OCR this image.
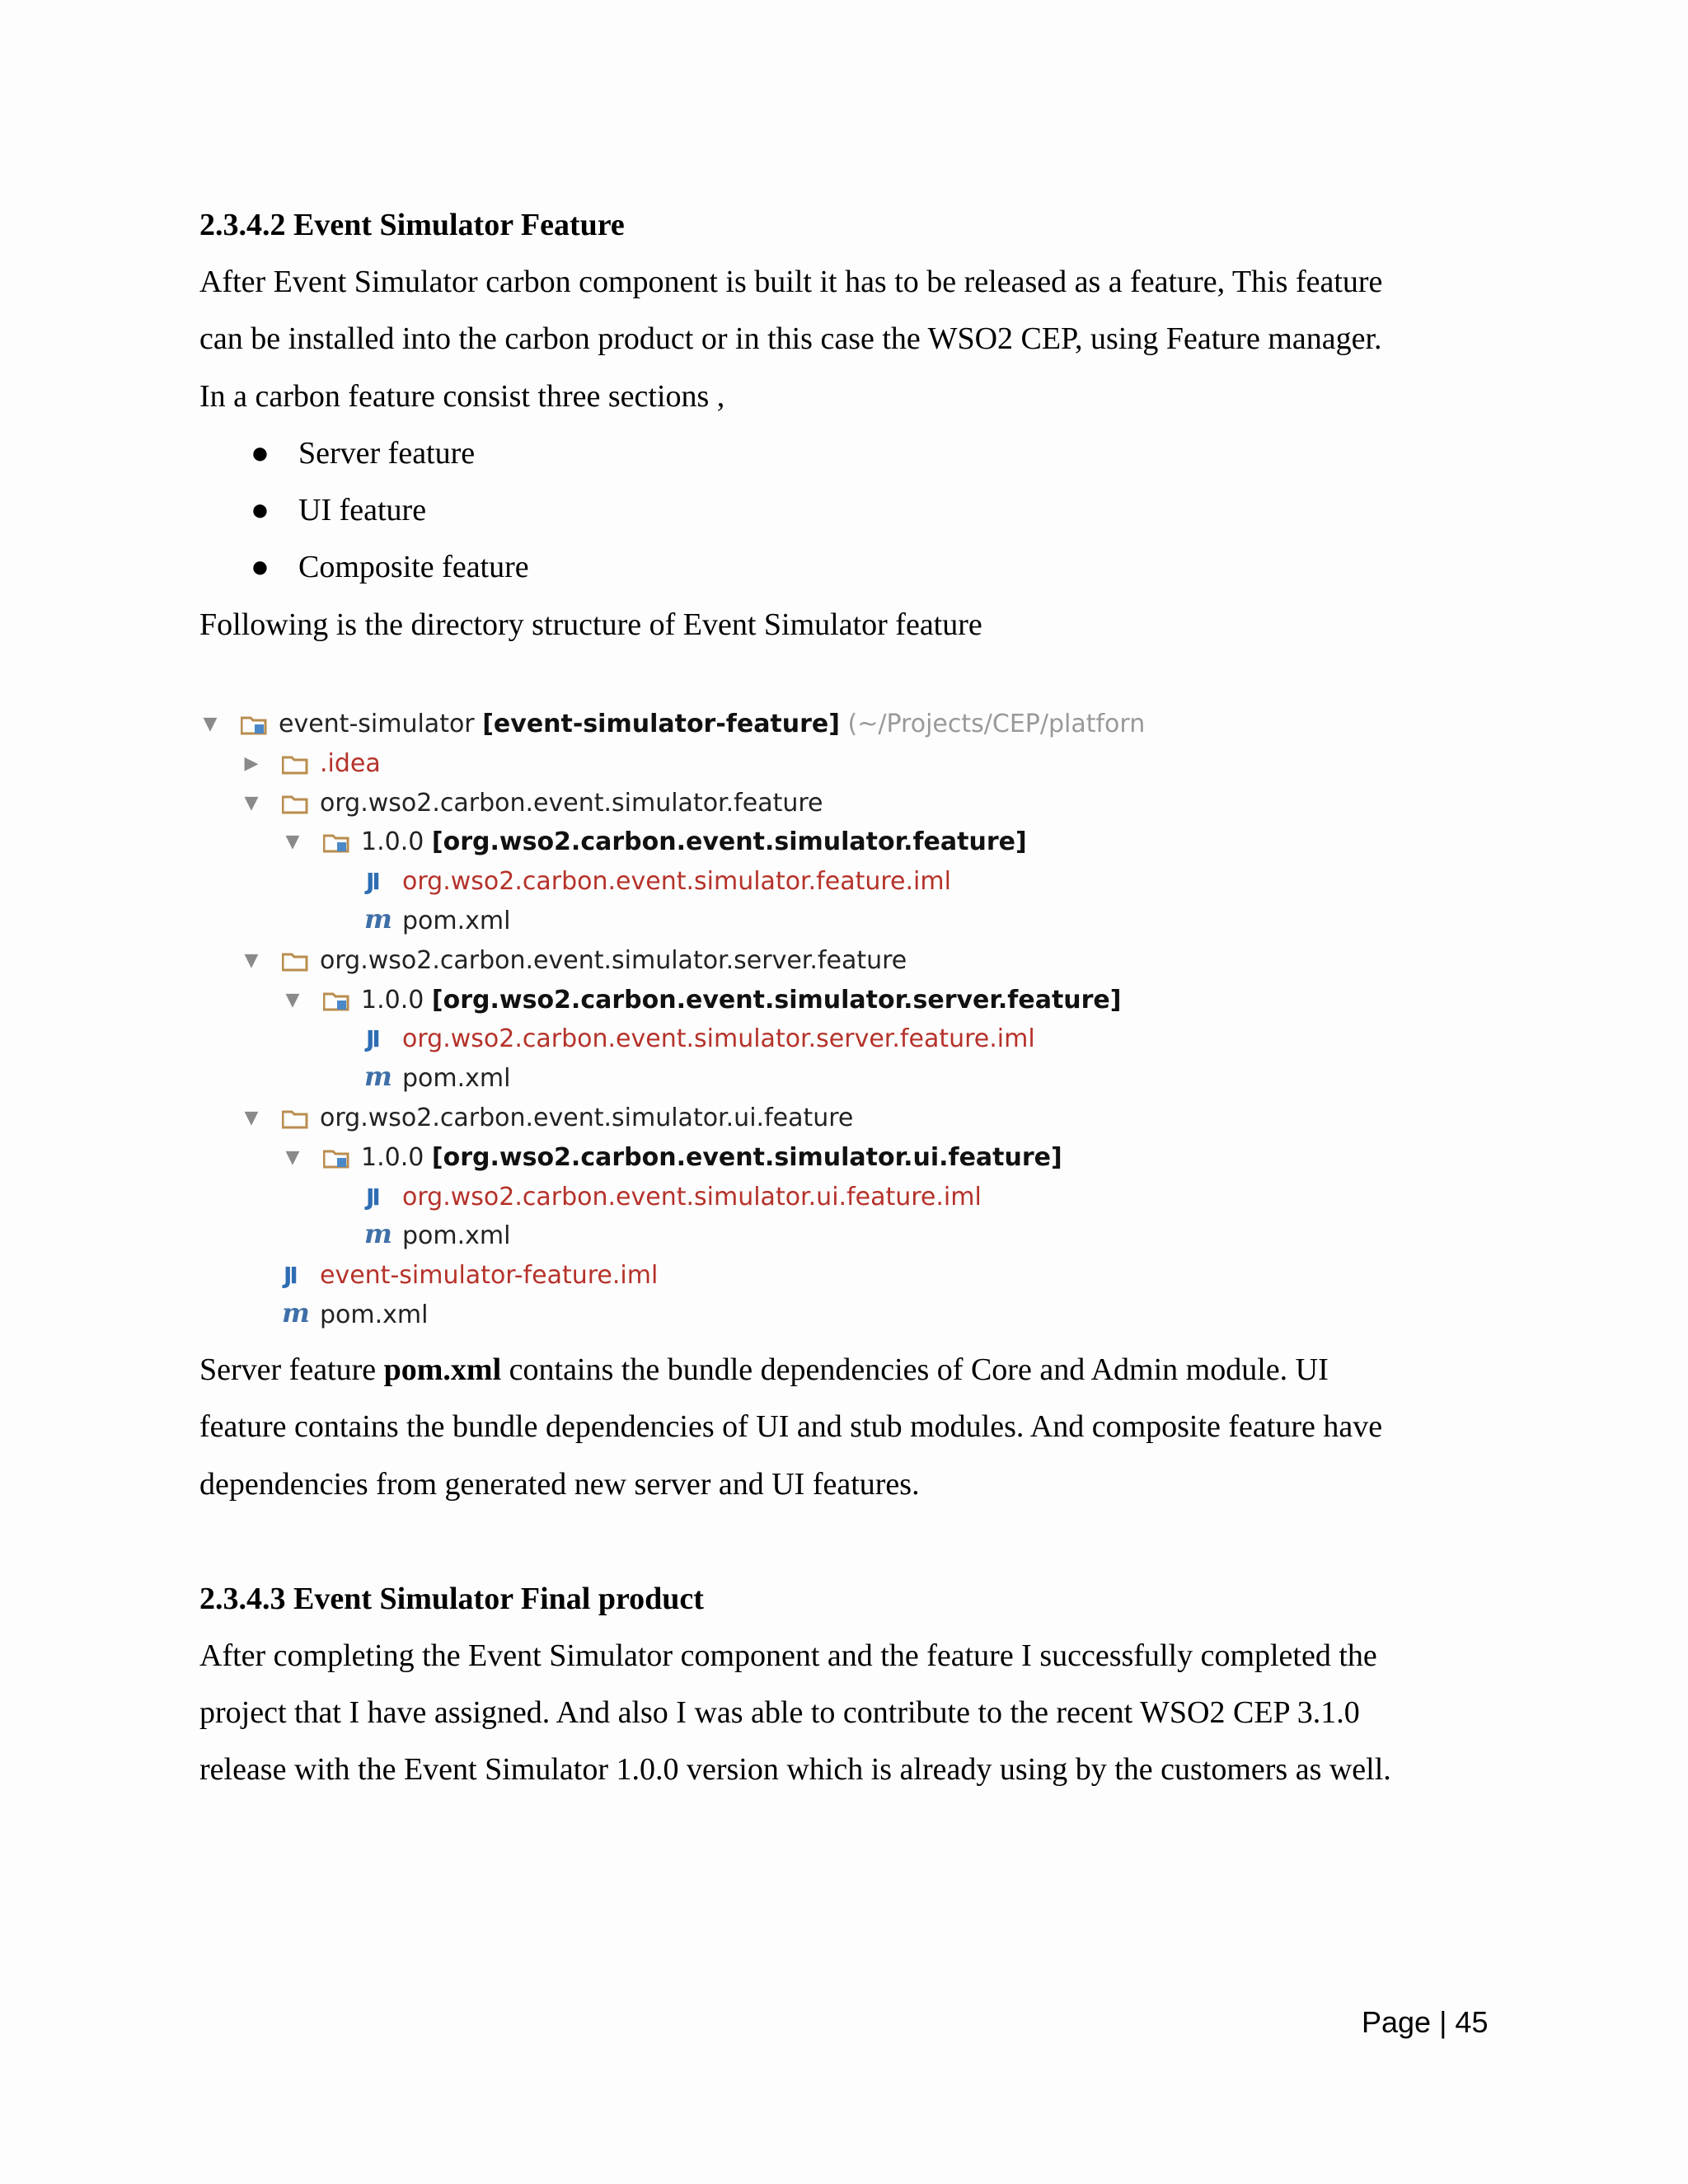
2.3.4.2 Event Simulator Feature

After Event Simulator carbon component is built it has to be released as a feature, This feature

can be installed into the carbon product or in this case the WSO2 CEP, using Feature manager.

In a carbon feature consist three sections ,

● Server feature
● UI feature
● Composite feature

Following is the directory structure of Event Simulator feature

▼ event-simulator [event-simulator-feature] (~/Projects/CEP/platforn
▶ .idea
▼ org.wso2.carbon.event.simulator.feature
▼ 1.0.0 [org.wso2.carbon.event.simulator.feature]
JI org.wso2.carbon.event.simulator.feature.iml
m pom.xml
▼ org.wso2.carbon.event.simulator.server.feature
▼ 1.0.0 [org.wso2.carbon.event.simulator.server.feature]
JI org.wso2.carbon.event.simulator.server.feature.iml
m pom.xml
▼ org.wso2.carbon.event.simulator.ui.feature
▼ 1.0.0 [org.wso2.carbon.event.simulator.ui.feature]
JI org.wso2.carbon.event.simulator.ui.feature.iml
m pom.xml
JI event-simulator-feature.iml
m pom.xml

Server feature pom.xml contains the bundle dependencies of Core and Admin module. UI

feature contains the bundle dependencies of UI and stub modules. And composite feature have

dependencies from generated new server and UI features.

2.3.4.3 Event Simulator Final product

After completing the Event Simulator component and the feature I successfully completed the

project that I have assigned. And also I was able to contribute to the recent WSO2 CEP 3.1.0

release with the Event Simulator 1.0.0 version which is already using by the customers as well.

Page | 45
